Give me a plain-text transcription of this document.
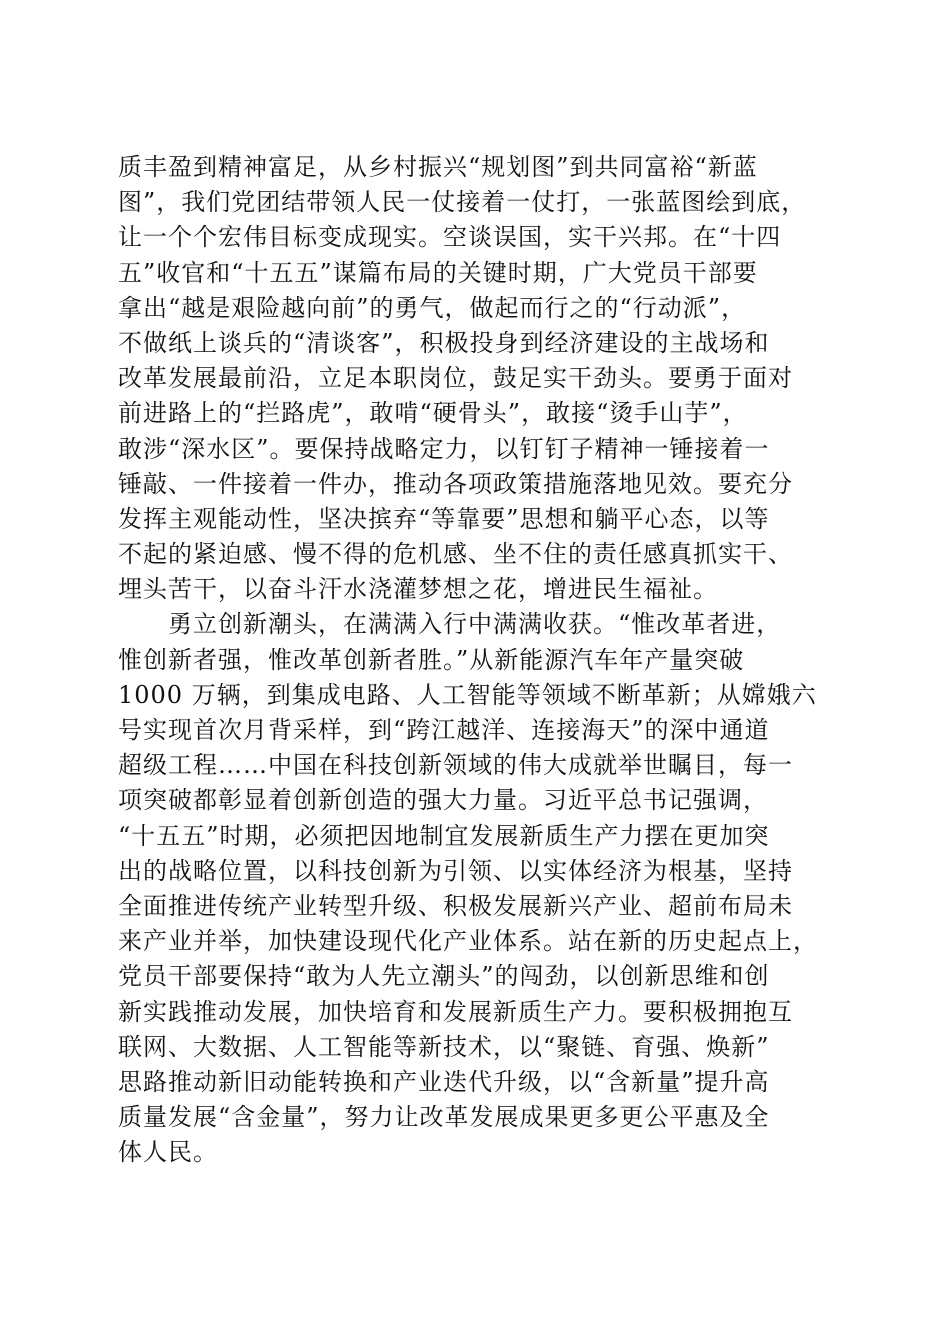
质丰盈到精神富足，从乡村振兴“规划图”到共同富裕“新蓝
图”，我们党团结带领人民一仗接着一仗打，一张蓝图绘到底，
让一个个宏伟目标变成现实。空谈误国，实干兴邦。在“十四
五”收官和“十五五”谋篇布局的关键时期，广大党员干部要
拿出“越是艰险越向前”的勇气，做起而行之的“行动派”，
不做纸上谈兵的“清谈客”，积极投身到经济建设的主战场和
改革发展最前沿，立足本职岗位，鼓足实干劲头。要勇于面对
前进路上的“拦路虎”，敢啃“硬骨头”，敢接“烫手山芋”，
敢涉“深水区”。要保持战略定力，以钉钉子精神一锤接着一
锤敲、一件接着一件办，推动各项政策措施落地见效。要充分
发挥主观能动性，坚决摈弃“等靠要”思想和躺平心态，以等
不起的紧迫感、慢不得的危机感、坐不住的责任感真抓实干、
埋头苦干，以奋斗汗水浇灌梦想之花，增进民生福祉。
勇立创新潮头，在满满入行中满满收获。“惟改革者进，
惟创新者强，惟改革创新者胜。”从新能源汽车年产量突破
1000 万辆，到集成电路、人工智能等领域不断革新；从嫦娥六
号实现首次月背采样，到“跨江越洋、连接海天”的深中通道
超级工程……中国在科技创新领域的伟大成就举世瞩目，每一
项突破都彰显着创新创造的强大力量。习近平总书记强调，
“十五五”时期，必须把因地制宜发展新质生产力摆在更加突
出的战略位置，以科技创新为引领、以实体经济为根基，坚持
全面推进传统产业转型升级、积极发展新兴产业、超前布局未
来产业并举，加快建设现代化产业体系。站在新的历史起点上，
党员干部要保持“敢为人先立潮头”的闯劲，以创新思维和创
新实践推动发展，加快培育和发展新质生产力。要积极拥抱互
联网、大数据、人工智能等新技术，以“聚链、育强、焕新”
思路推动新旧动能转换和产业迭代升级，以“含新量”提升高
质量发展“含金量”，努力让改革发展成果更多更公平惠及全
体人民。
